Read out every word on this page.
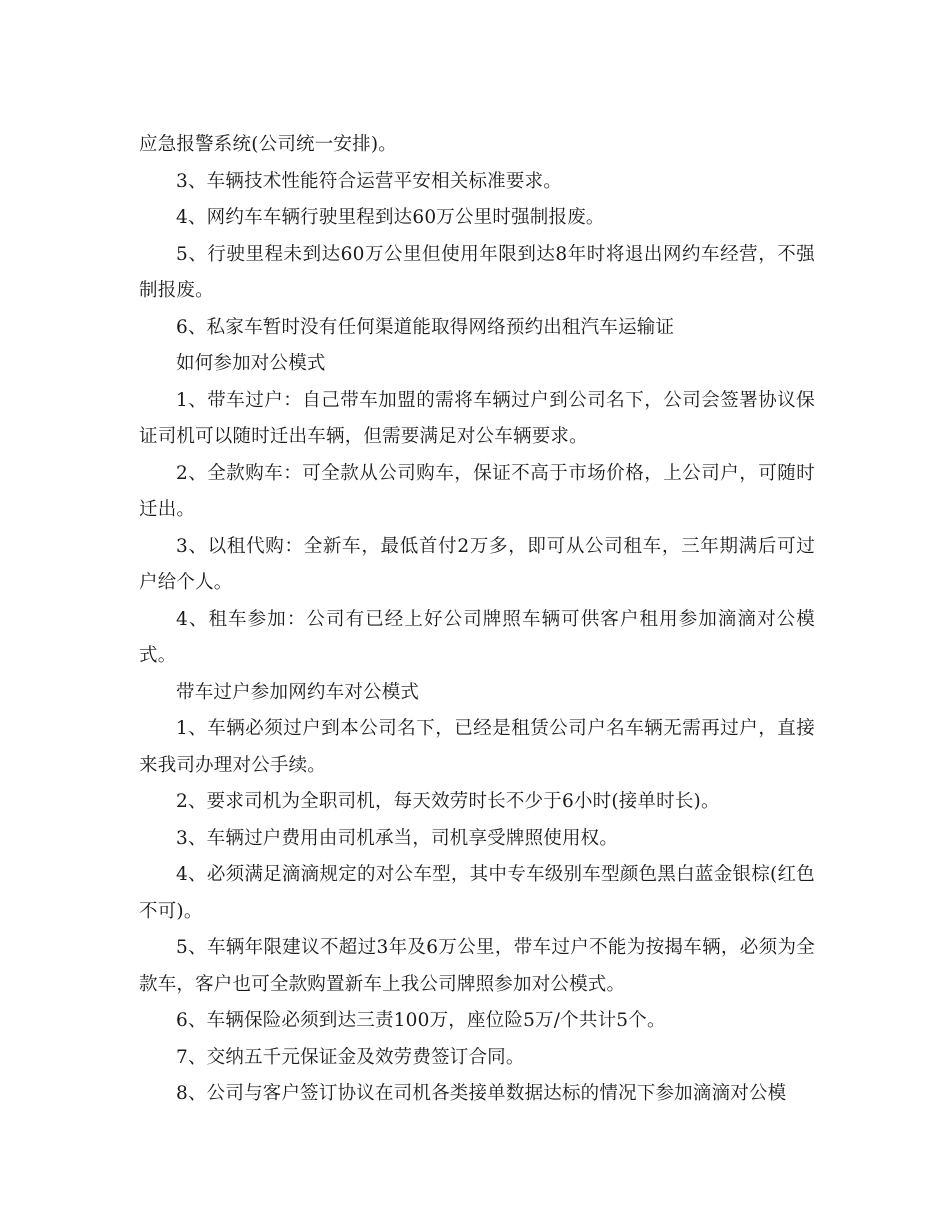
应急报警系统(公司统一安排)。

3、车辆技术性能符合运营平安相关标准要求。

4、网约车车辆行驶里程到达60万公里时强制报废。

5、行驶里程未到达60万公里但使用年限到达8年时将退出网约车经营，不强制报废。

6、私家车暂时没有任何渠道能取得网络预约出租汽车运输证

如何参加对公模式

1、带车过户：自己带车加盟的需将车辆过户到公司名下，公司会签署协议保证司机可以随时迁出车辆，但需要满足对公车辆要求。

2、全款购车：可全款从公司购车，保证不高于市场价格，上公司户，可随时迁出。

3、以租代购：全新车，最低首付2万多，即可从公司租车，三年期满后可过户给个人。

4、租车参加：公司有已经上好公司牌照车辆可供客户租用参加滴滴对公模式。

带车过户参加网约车对公模式

1、车辆必须过户到本公司名下，已经是租赁公司户名车辆无需再过户，直接来我司办理对公手续。

2、要求司机为全职司机，每天效劳时长不少于6小时(接单时长)。

3、车辆过户费用由司机承当，司机享受牌照使用权。

4、必须满足滴滴规定的对公车型，其中专车级别车型颜色黑白蓝金银棕(红色不可)。

5、车辆年限建议不超过3年及6万公里，带车过户不能为按揭车辆，必须为全款车，客户也可全款购置新车上我公司牌照参加对公模式。

6、车辆保险必须到达三责100万，座位险5万/个共计5个。

7、交纳五千元保证金及效劳费签订合同。

8、公司与客户签订协议在司机各类接单数据达标的情况下参加滴滴对公模
